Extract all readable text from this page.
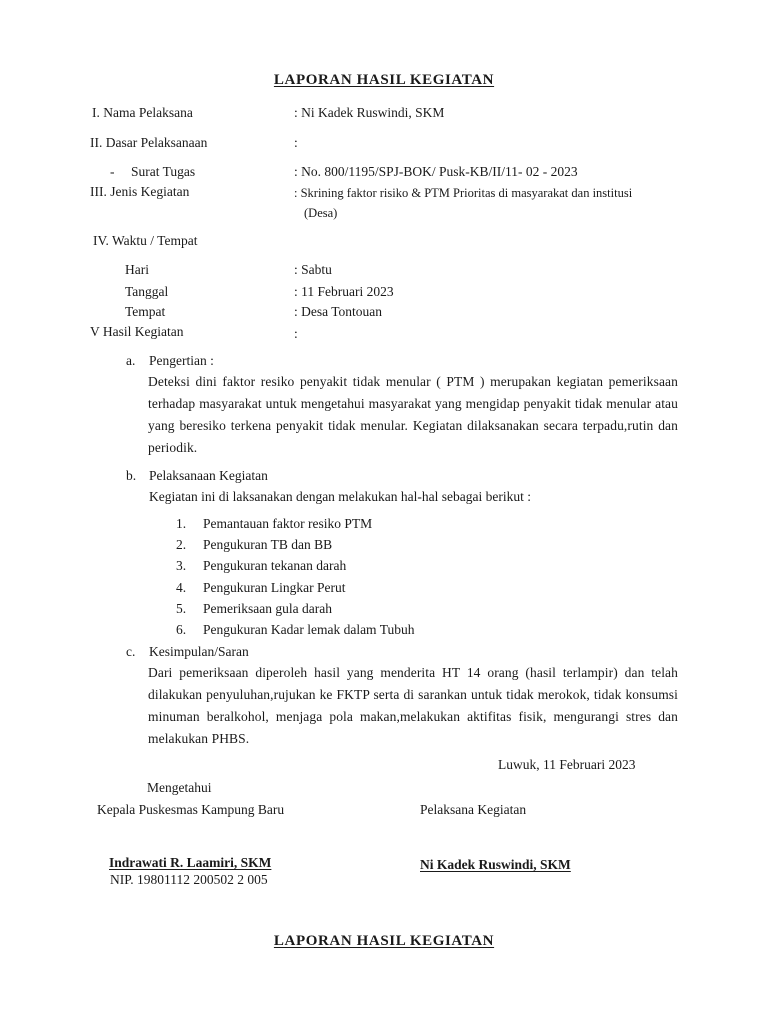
LAPORAN HASIL KEGIATAN
I. Nama Pelaksana	: Ni Kadek Ruswindi, SKM
II. Dasar Pelaksanaan	:
- Surat Tugas	: No. 800/1195/SPJ-BOK/ Pusk-KB/II/11- 02 - 2023
III. Jenis Kegiatan	: Skrining faktor risiko & PTM Prioritas di masyarakat dan institusi
(Desa)
IV. Waktu / Tempat
Hari	: Sabtu
Tanggal	: 11 Februari 2023
Tempat	: Desa Tontouan
V Hasil Kegiatan	:
a. Pengertian :
Deteksi dini faktor resiko penyakit tidak menular ( PTM ) merupakan kegiatan pemeriksaan terhadap masyarakat untuk mengetahui masyarakat yang mengidap penyakit tidak menular atau yang beresiko terkena penyakit tidak menular. Kegiatan dilaksanakan secara terpadu,rutin dan periodik.
b. Pelaksanaan Kegiatan
Kegiatan ini di laksanakan dengan melakukan hal-hal sebagai berikut :
1. Pemantauan faktor resiko PTM
2. Pengukuran TB dan BB
3. Pengukuran tekanan darah
4. Pengukuran Lingkar Perut
5. Pemeriksaan gula darah
6. Pengukuran Kadar lemak dalam Tubuh
c. Kesimpulan/Saran
Dari pemeriksaan diperoleh hasil yang menderita HT 14 orang (hasil terlampir) dan telah dilakukan penyuluhan,rujukan ke FKTP serta di sarankan untuk tidak merokok, tidak konsumsi minuman beralkohol, menjaga pola makan,melakukan aktifitas fisik, mengurangi stres dan melakukan PHBS.
Luwuk, 11 Februari 2023
Mengetahui
Kepala Puskesmas Kampung Baru	Pelaksana Kegiatan
Indrawati R. Laamiri, SKM
NIP. 19801112 200502 2 005
Ni Kadek Ruswindi, SKM
LAPORAN HASIL KEGIATAN
